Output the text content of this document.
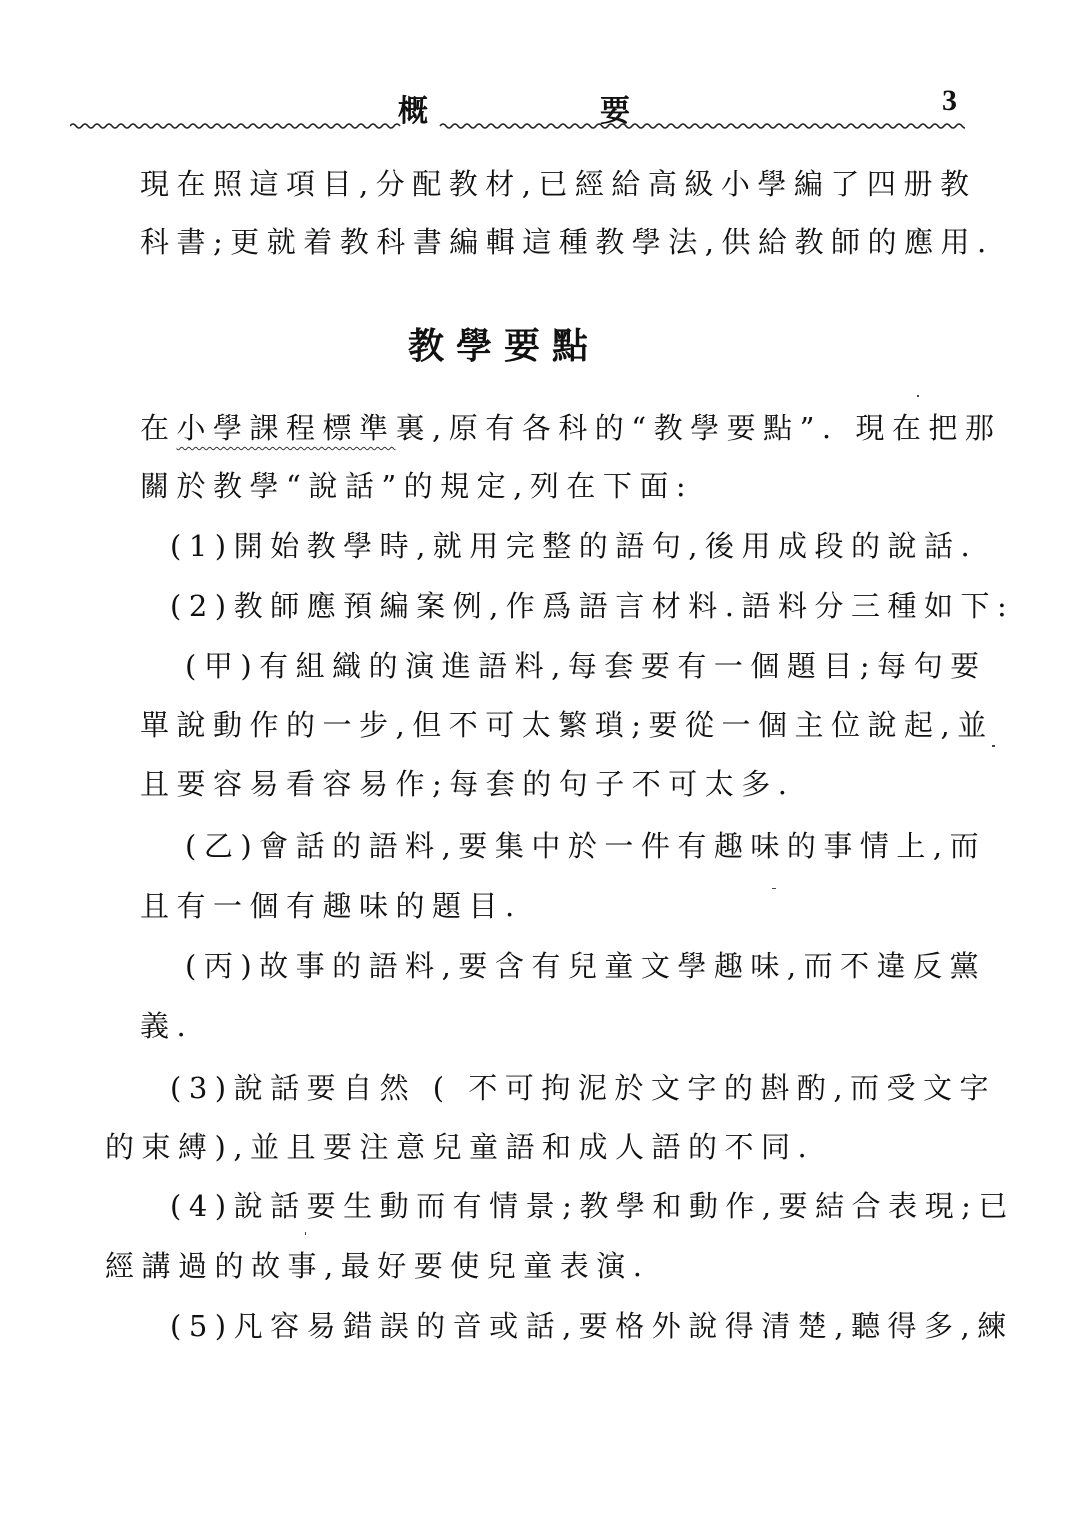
概	要	3
現在照這項目,分配教材,已經給高級小學編了四册教
科書;更就着教科書編輯這種教學法,供給教師的應用.
教學要點
在小學課程標準裏,原有各科的“教學要點”. 現在把那
關於教學“說話”的規定,列在下面:
(1)開始教學時,就用完整的語句,後用成段的說話.
(2)教師應預編案例,作爲語言材料.語料分三種如下:
(甲)有組織的演進語料,每套要有一個題目;每句要
單說動作的一步,但不可太繁瑣;要從一個主位說起,並
且要容易看容易作;每套的句子不可太多.
(乙)會話的語料,要集中於一件有趣味的事情上,而
且有一個有趣味的題目.
(丙)故事的語料,要含有兒童文學趣味,而不違反黨
義.
(3)說話要自然 ( 不可拘泥於文字的斟酌,而受文字
的束縛),並且要注意兒童語和成人語的不同.
(4)說話要生動而有情景;教學和動作,要結合表現;已
經講過的故事,最好要使兒童表演.
(5)凡容易錯誤的音或話,要格外說得清楚,聽得多,練
